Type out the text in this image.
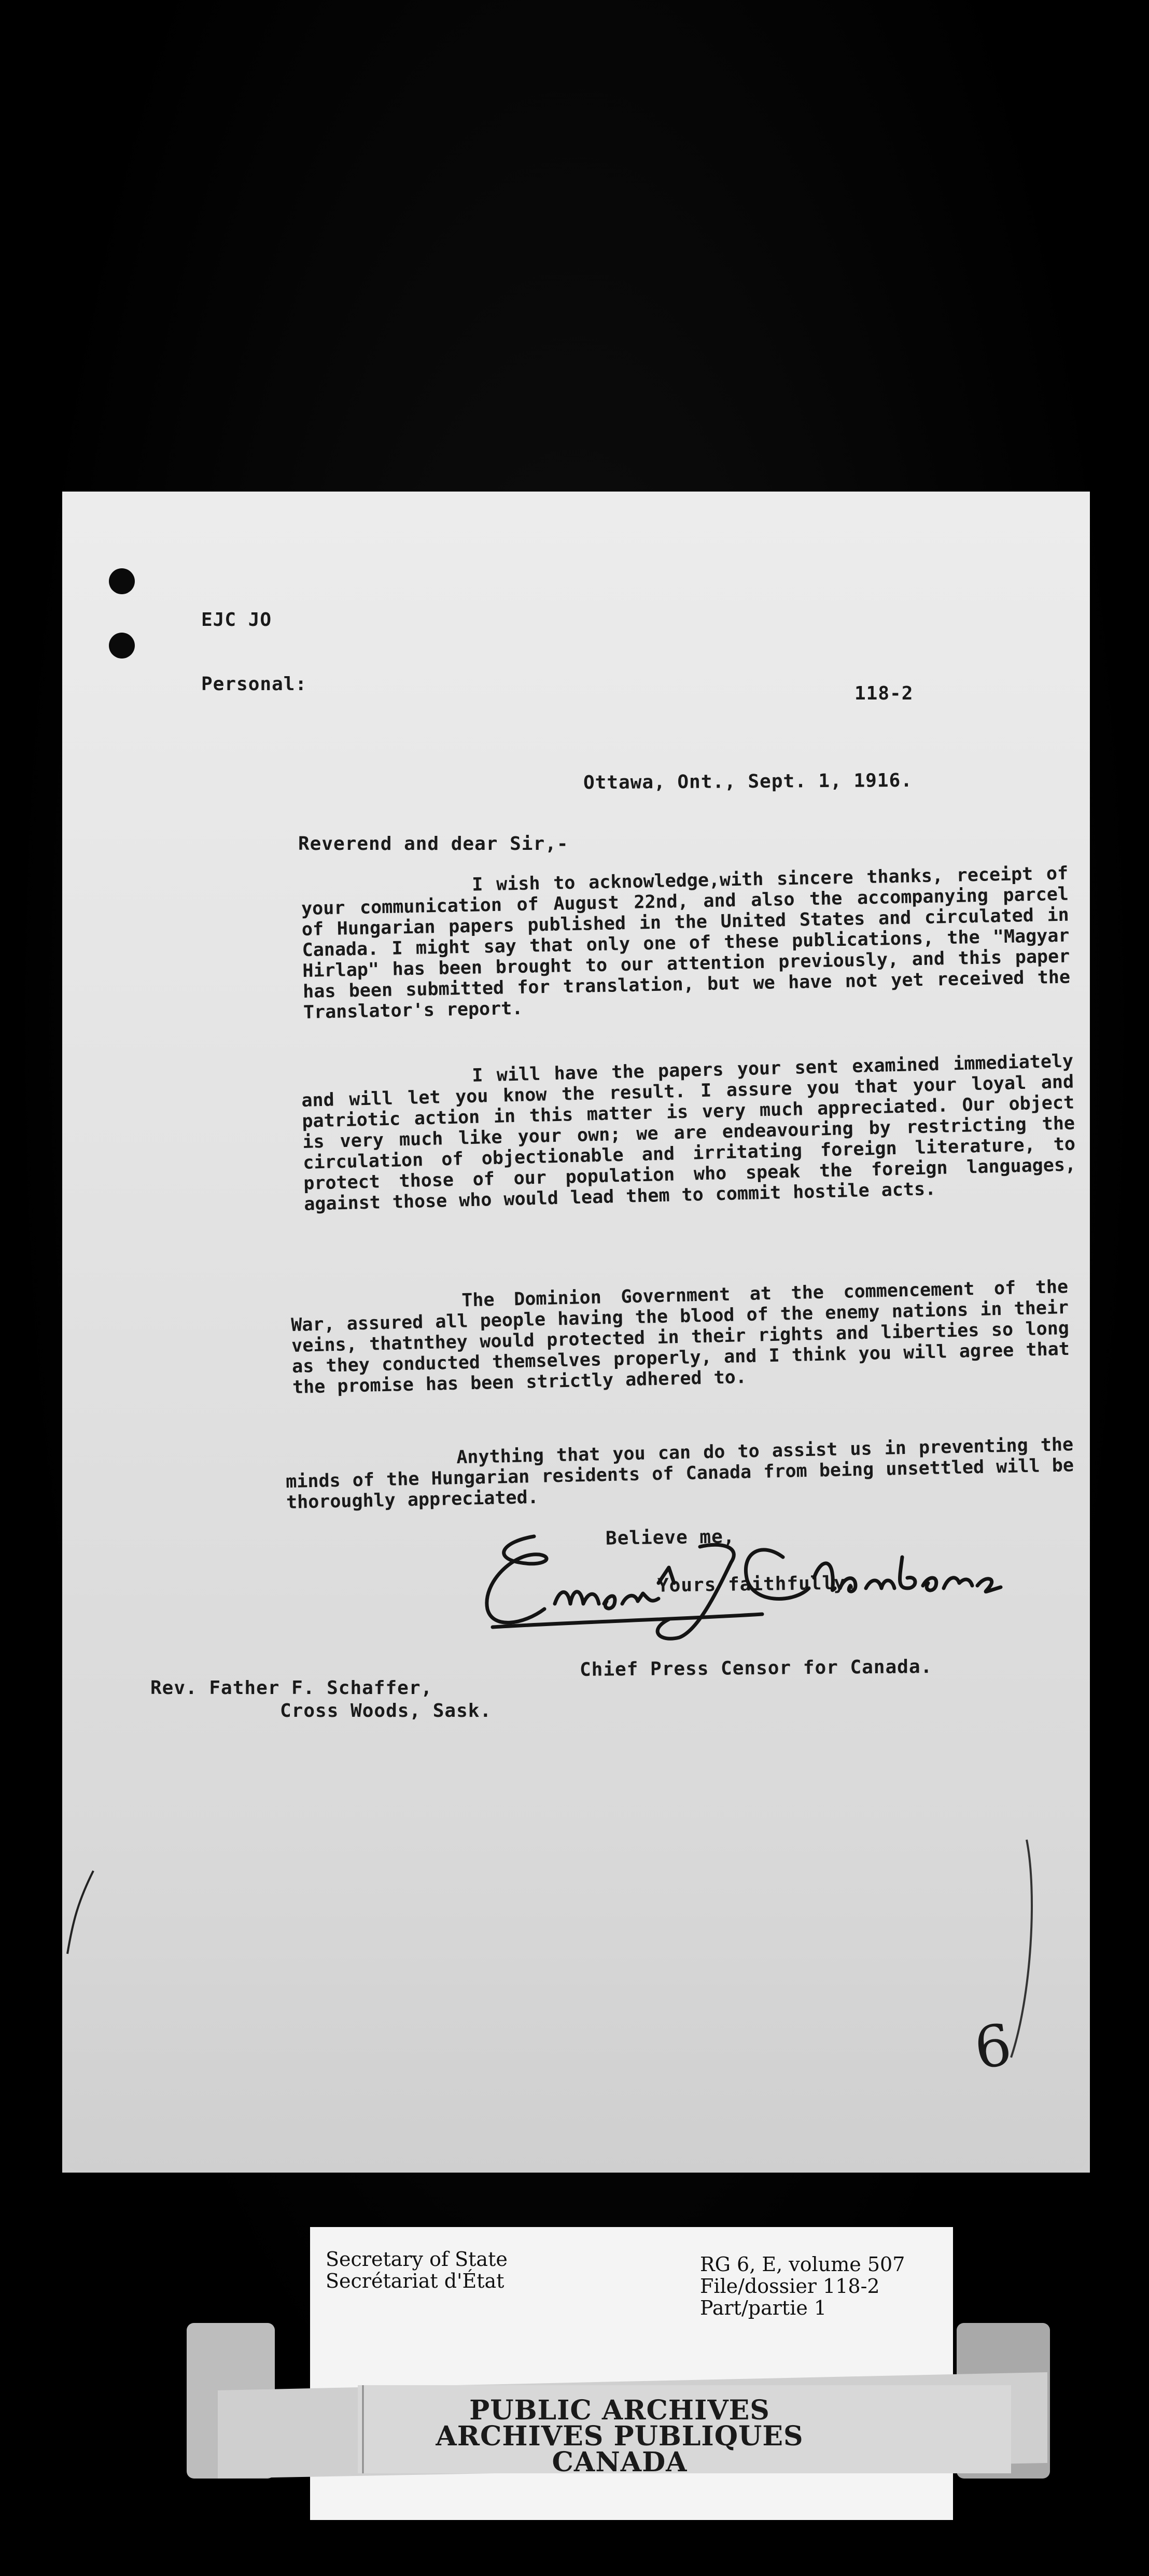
EJC JO
Personal:	118-2
Ottawa, Ont., Sept. 1, 1916.
Reverend and dear Sir,-
I wish to acknowledge,with sincere thanks, receipt of your communication of August 22nd, and also the accompanying parcel of Hungarian papers published in the United States and circulated in Canada. I might say that only one of these publications, the "Magyar Hirlap" has been brought to our attention previously, and this paper has been submitted for translation, but we have not yet received the Translator's report.
I will have the papers your sent examined immediately and will let you know the result. I assure you that your loyal and patriotic action in this matter is very much appreciated. Our object is very much like your own; we are endeavouring by restricting the circulation of objectionable and irritating foreign literature, to protect those of our population who speak the foreign languages, against those who would lead them to commit hostile acts.
The Dominion Government at the commencement of the War, assured all people having the blood of the enemy nations in their veins, thatnthey would protected in their rights and liberties so long as they conducted themselves properly, and I think you will agree that the promise has been strictly adhered to.
Anything that you can do to assist us in preventing the minds of the Hungarian residents of Canada from being unsettled will be thoroughly appreciated.
Believe me,
Yours faithfully.
Chief Press Censor for Canada.
Rev. Father F. Schaffer,
Cross Woods, Sask.
6
Secretary of State
Secrétariat d'État
RG 6, E, volume 507
File/dossier 118-2
Part/partie 1
PUBLIC ARCHIVES
ARCHIVES PUBLIQUES
CANADA
